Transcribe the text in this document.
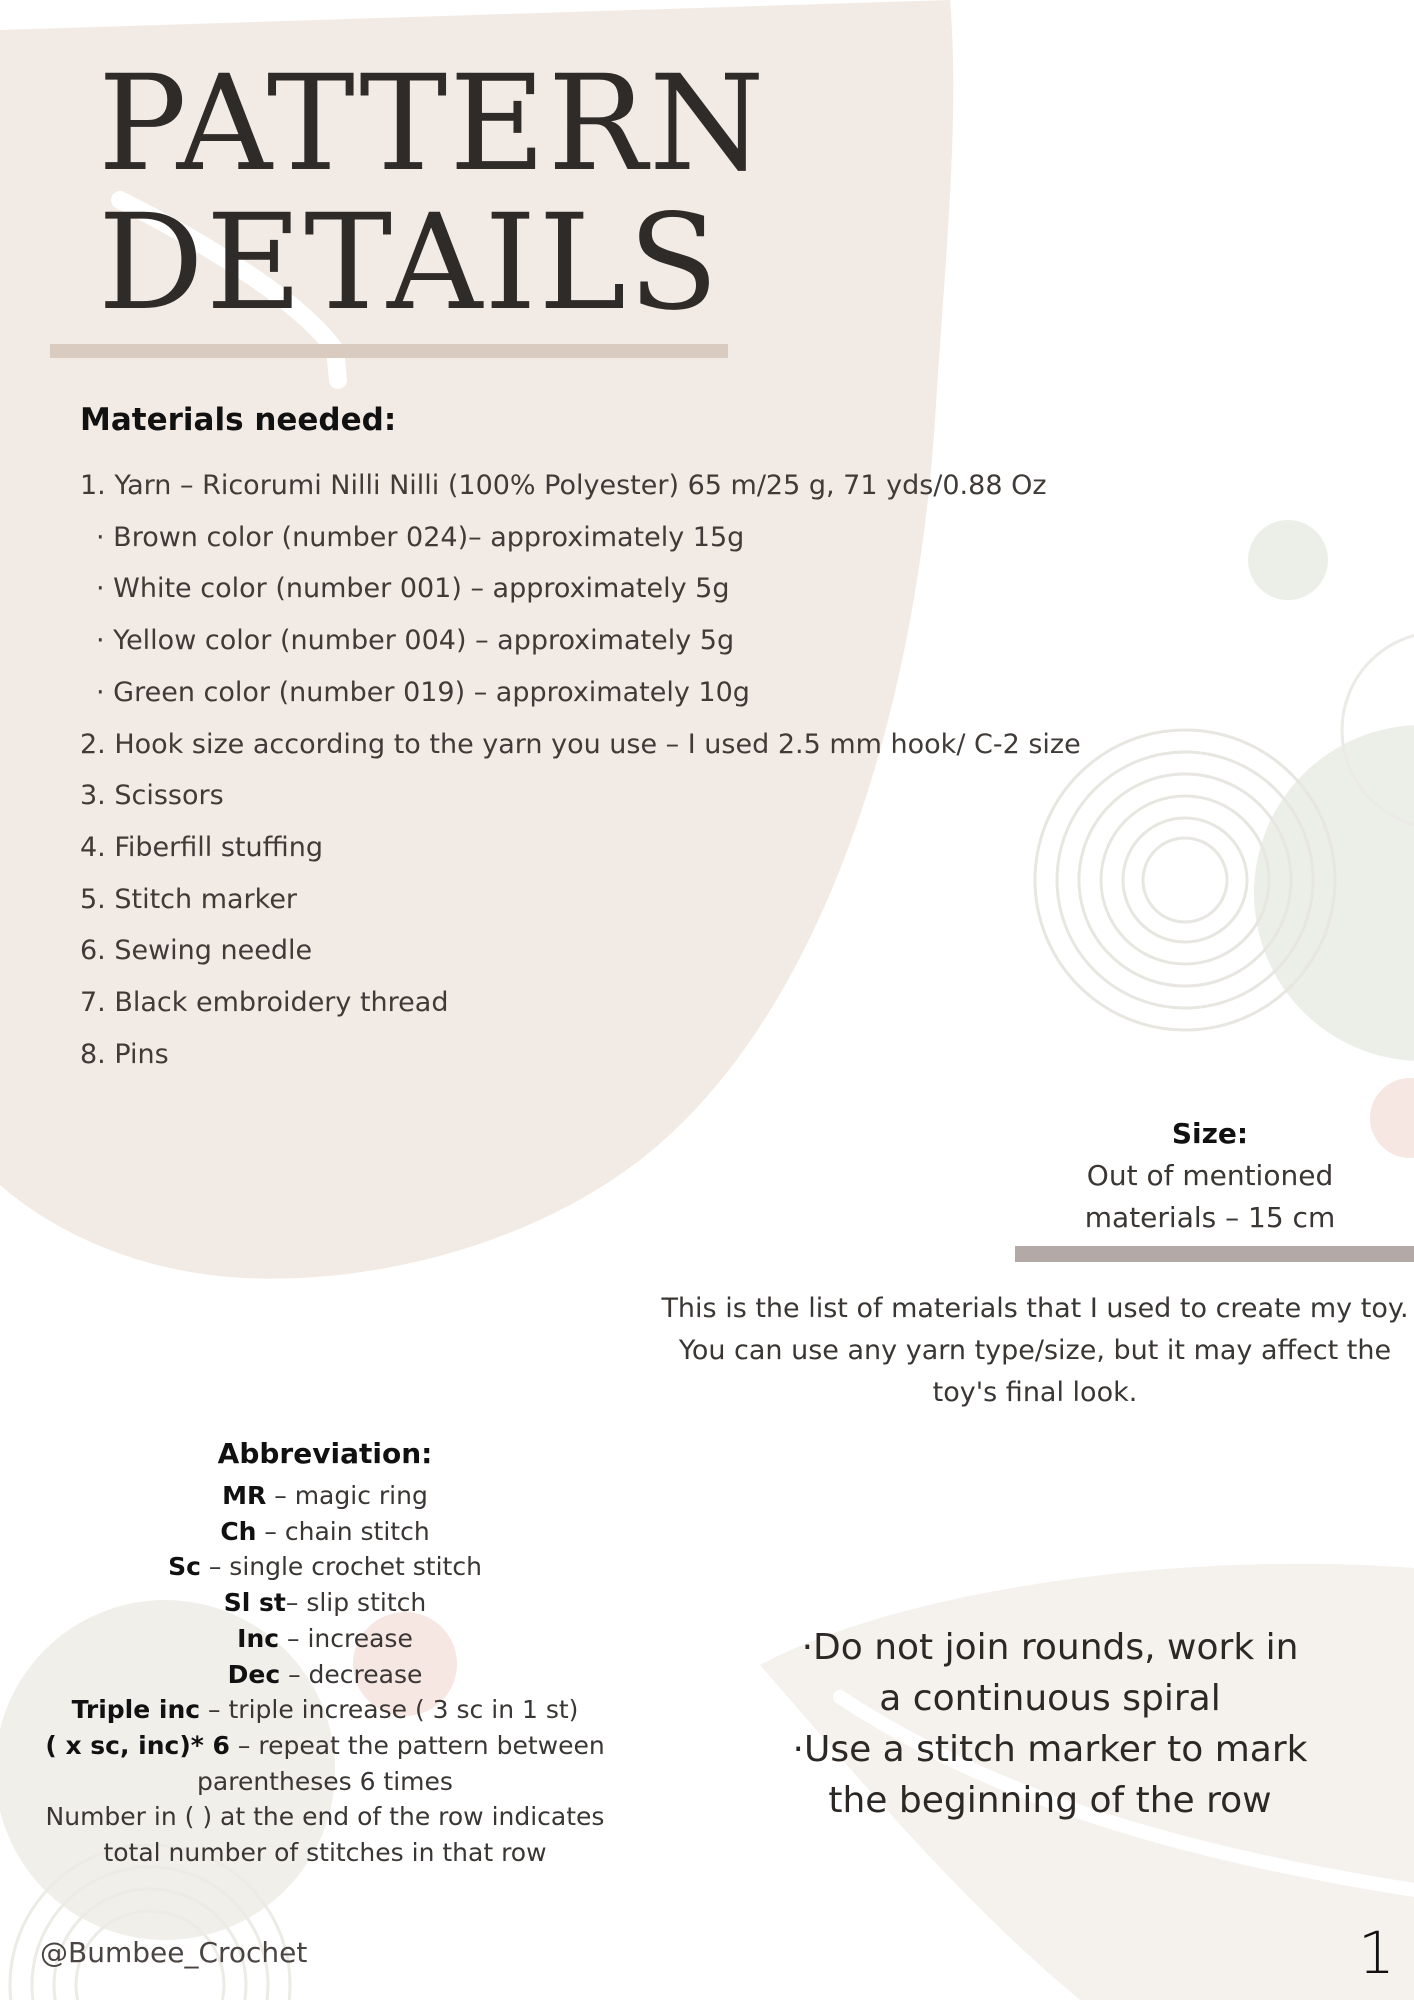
PATTERN
DETAILS
Materials needed:
1. Yarn – Ricorumi Nilli Nilli (100% Polyester) 65 m/25 g, 71 yds/0.88 Oz
· Brown color (number 024)– approximately 15g
· White color (number 001) – approximately 5g
· Yellow color (number 004) – approximately 5g
· Green color (number 019) – approximately 10g
2. Hook size according to the yarn you use – I used 2.5 mm hook/ C-2 size
3. Scissors
4. Fiberfill stuffing
5. Stitch marker
6. Sewing needle
7. Black embroidery thread
8. Pins
Size:
Out of mentioned materials – 15 cm

This is the list of materials that I used to create my toy. You can use any yarn type/size, but it may affect the toy's final look.

Abbreviation:

MR – magic ring

Ch – chain stitch

Sc – single crochet stitch

Sl st– slip stitch

Inc – increase

Dec – decrease

Triple inc – triple increase ( 3 sc in 1 st)

( x sc, inc)* 6 – repeat the pattern between parentheses 6 times

Number in ( ) at the end of the row indicates total number of stitches in that row

·Do not join rounds, work in a continuous spiral
·Use a stitch marker to mark the beginning of the row

@Bumbee_Crochet	1
